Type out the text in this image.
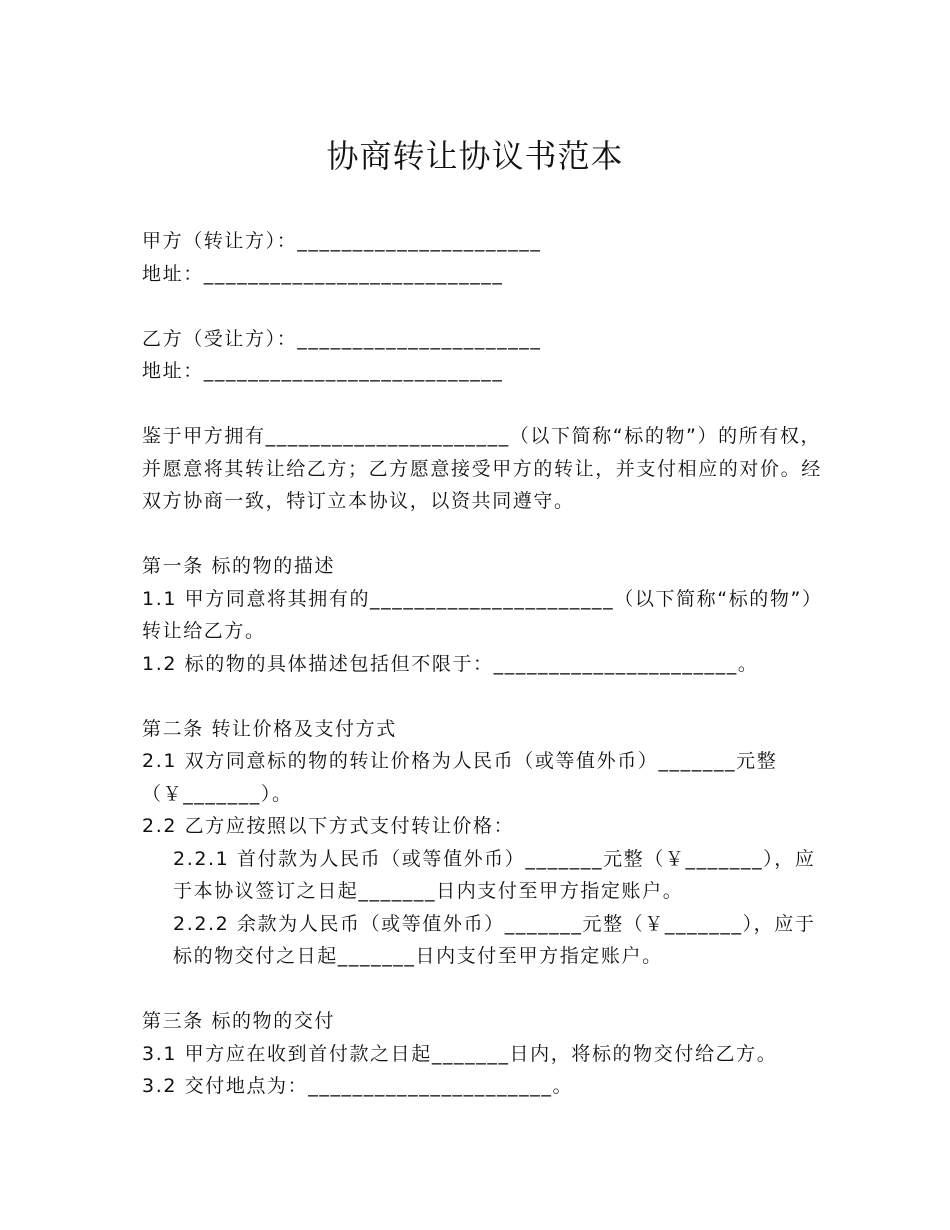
协商转让协议书范本

甲方（转让方）：______________________

地址：___________________________

乙方（受让方）：______________________

地址：___________________________

鉴于甲方拥有______________________（以下简称“标的物”）的所有权，并愿意将其转让给乙方；乙方愿意接受甲方的转让，并支付相应的对价。经双方协商一致，特订立本协议，以资共同遵守。

第一条 标的物的描述

1.1 甲方同意将其拥有的______________________（以下简称“标的物”）转让给乙方。

1.2 标的物的具体描述包括但不限于：______________________。

第二条 转让价格及支付方式

2.1 双方同意标的物的转让价格为人民币（或等值外币）_______元整（￥_______）。

2.2 乙方应按照以下方式支付转让价格：

2.2.1 首付款为人民币（或等值外币）_______元整（￥_______），应于本协议签订之日起_______日内支付至甲方指定账户。

2.2.2 余款为人民币（或等值外币）_______元整（￥_______），应于标的物交付之日起_______日内支付至甲方指定账户。

第三条 标的物的交付

3.1 甲方应在收到首付款之日起_______日内，将标的物交付给乙方。

3.2 交付地点为：______________________。
